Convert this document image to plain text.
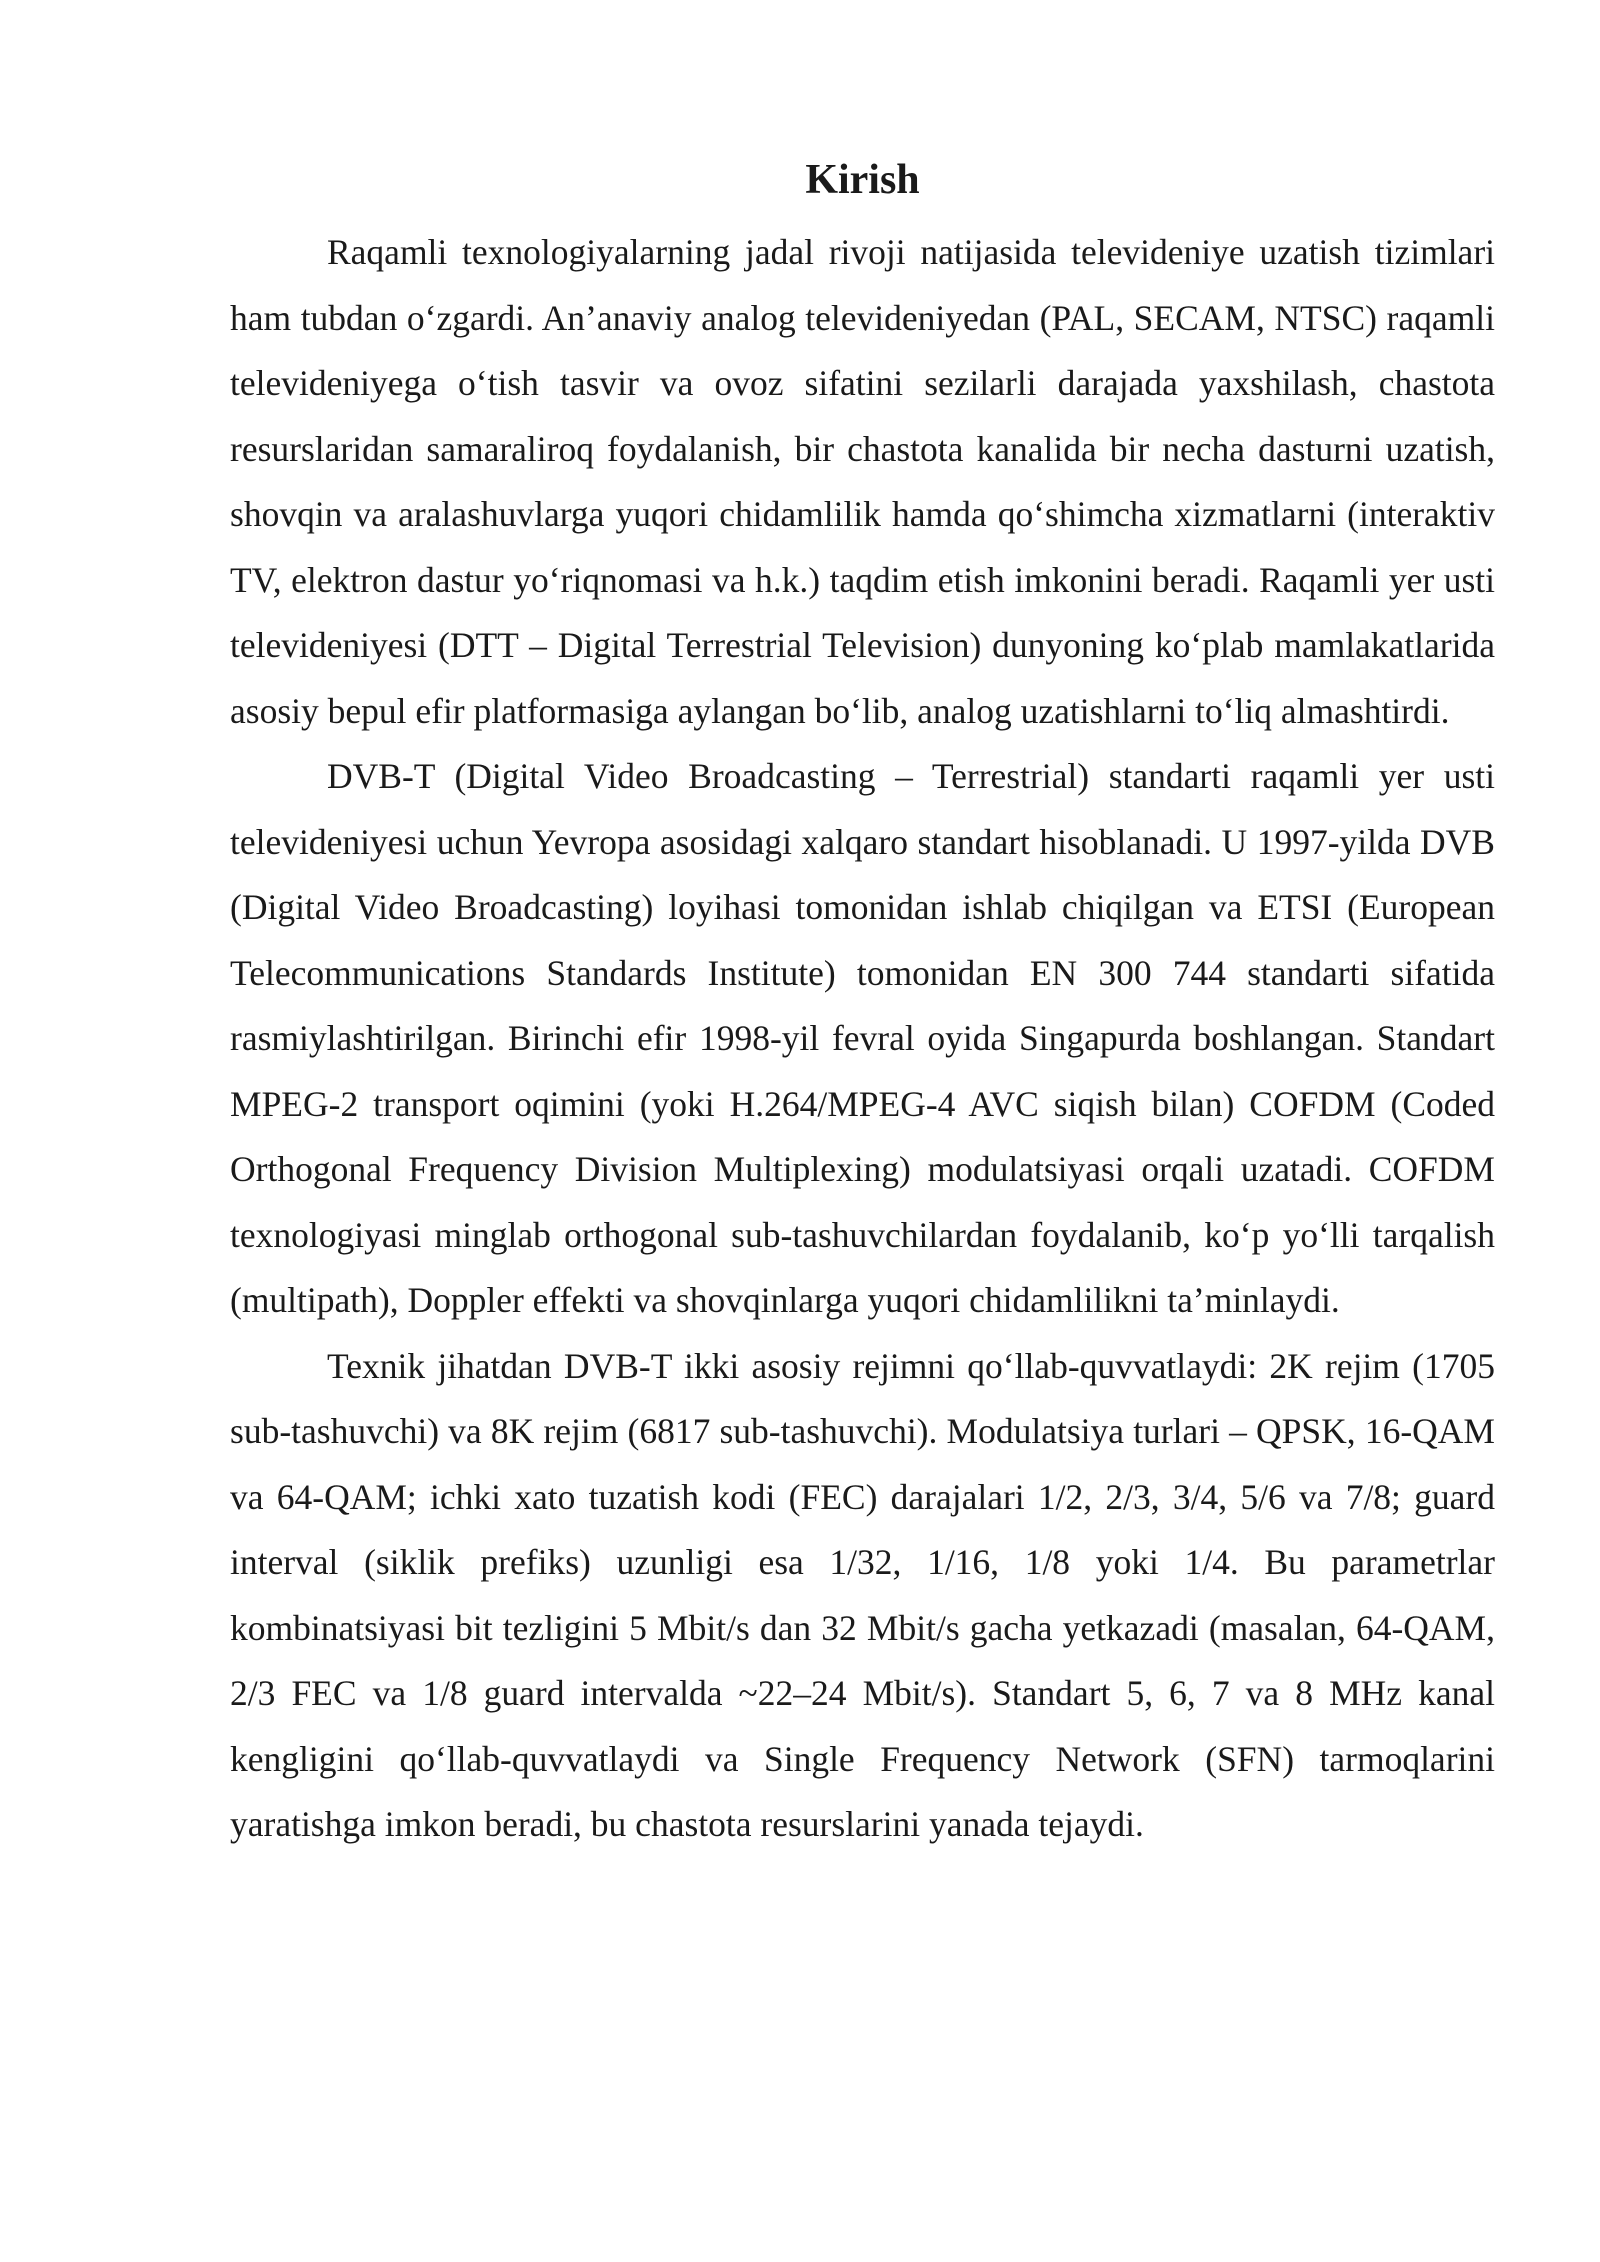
Kirish

Raqamli texnologiyalarning jadal rivoji natijasida televideniye uzatish tizimlari ham tubdan o‘zgardi. An’anaviy analog televideniyedan (PAL, SECAM, NTSC) raqamli televideniyega o‘tish tasvir va ovoz sifatini sezilarli darajada yaxshilash, chastota resurslaridan samaraliroq foydalanish, bir chastota kanalida bir necha dasturni uzatish, shovqin va aralashuvlarga yuqori chidamlilik hamda qo‘shimcha xizmatlarni (interaktiv TV, elektron dastur yo‘riqnomasi va h.k.) taqdim etish imkonini beradi. Raqamli yer usti televideniyesi (DTT – Digital Terrestrial Television) dunyoning ko‘plab mamlakatlarida asosiy bepul efir platformasiga aylangan bo‘lib, analog uzatishlarni to‘liq almashtirdi.

DVB-T (Digital Video Broadcasting – Terrestrial) standarti raqamli yer usti televideniyesi uchun Yevropa asosidagi xalqaro standart hisoblanadi. U 1997-yilda DVB (Digital Video Broadcasting) loyihasi tomonidan ishlab chiqilgan va ETSI (European Telecommunications Standards Institute) tomonidan EN 300 744 standarti sifatida rasmiylashtirilgan. Birinchi efir 1998-yil fevral oyida Singapurda boshlangan. Standart MPEG-2 transport oqimini (yoki H.264/MPEG-4 AVC siqish bilan) COFDM (Coded Orthogonal Frequency Division Multiplexing) modulatsiyasi orqali uzatadi. COFDM texnologiyasi minglab orthogonal sub-tashuvchilardan foydalanib, ko‘p yo‘lli tarqalish (multipath), Doppler effekti va shovqinlarga yuqori chidamlilikni ta’minlaydi.

Texnik jihatdan DVB-T ikki asosiy rejimni qo‘llab-quvvatlaydi: 2K rejim (1705 sub-tashuvchi) va 8K rejim (6817 sub-tashuvchi). Modulatsiya turlari – QPSK, 16-QAM va 64-QAM; ichki xato tuzatish kodi (FEC) darajalari 1/2, 2/3, 3/4, 5/6 va 7/8; guard interval (siklik prefiks) uzunligi esa 1/32, 1/16, 1/8 yoki 1/4. Bu parametrlar kombinatsiyasi bit tezligini 5 Mbit/s dan 32 Mbit/s gacha yetkazadi (masalan, 64-QAM, 2/3 FEC va 1/8 guard intervalda ~22–24 Mbit/s). Standart 5, 6, 7 va 8 MHz kanal kengligini qo‘llab-quvvatlaydi va Single Frequency Network (SFN) tarmoqlarini yaratishga imkon beradi, bu chastota resurslarini yanada tejaydi.
